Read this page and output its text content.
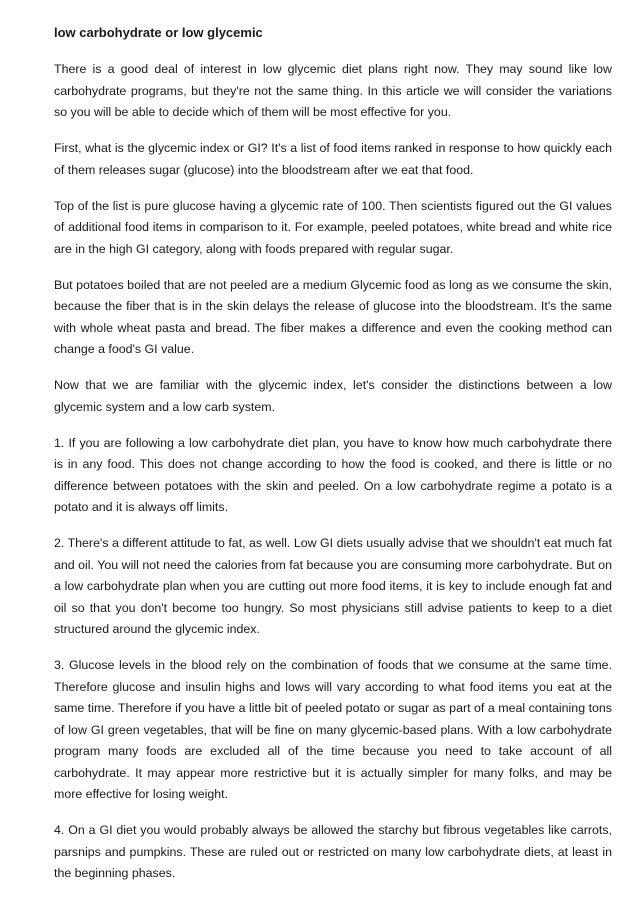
low carbohydrate or low glycemic

There is a good deal of interest in low glycemic diet plans right now. They may sound like low carbohydrate programs, but they're not the same thing. In this article we will consider the variations so you will be able to decide which of them will be most effective for you.

First, what is the glycemic index or GI? It's a list of food items ranked in response to how quickly each of them releases sugar (glucose) into the bloodstream after we eat that food.

Top of the list is pure glucose having a glycemic rate of 100. Then scientists figured out the GI values of additional food items in comparison to it. For example, peeled potatoes, white bread and white rice are in the high GI category, along with foods prepared with regular sugar.

But potatoes boiled that are not peeled are a medium Glycemic food as long as we consume the skin, because the fiber that is in the skin delays the release of glucose into the bloodstream. It's the same with whole wheat pasta and bread. The fiber makes a difference and even the cooking method can change a food's GI value.

Now that we are familiar with the glycemic index, let's consider the distinctions between a low glycemic system and a low carb system.

1. If you are following a low carbohydrate diet plan, you have to know how much carbohydrate there is in any food. This does not change according to how the food is cooked, and there is little or no difference between potatoes with the skin and peeled. On a low carbohydrate regime a potato is a potato and it is always off limits.

2. There's a different attitude to fat, as well. Low GI diets usually advise that we shouldn't eat much fat and oil. You will not need the calories from fat because you are consuming more carbohydrate. But on a low carbohydrate plan when you are cutting out more food items, it is key to include enough fat and oil so that you don't become too hungry. So most physicians still advise patients to keep to a diet structured around the glycemic index.

3. Glucose levels in the blood rely on the combination of foods that we consume at the same time. Therefore glucose and insulin highs and lows will vary according to what food items you eat at the same time. Therefore if you have a little bit of peeled potato or sugar as part of a meal containing tons of low GI green vegetables, that will be fine on many glycemic-based plans. With a low carbohydrate program many foods are excluded all of the time because you need to take account of all carbohydrate. It may appear more restrictive but it is actually simpler for many folks, and may be more effective for losing weight.

4. On a GI diet you would probably always be allowed the starchy but fibrous vegetables like carrots, parsnips and pumpkins. These are ruled out or restricted on many low carbohydrate diets, at least in the beginning phases.
